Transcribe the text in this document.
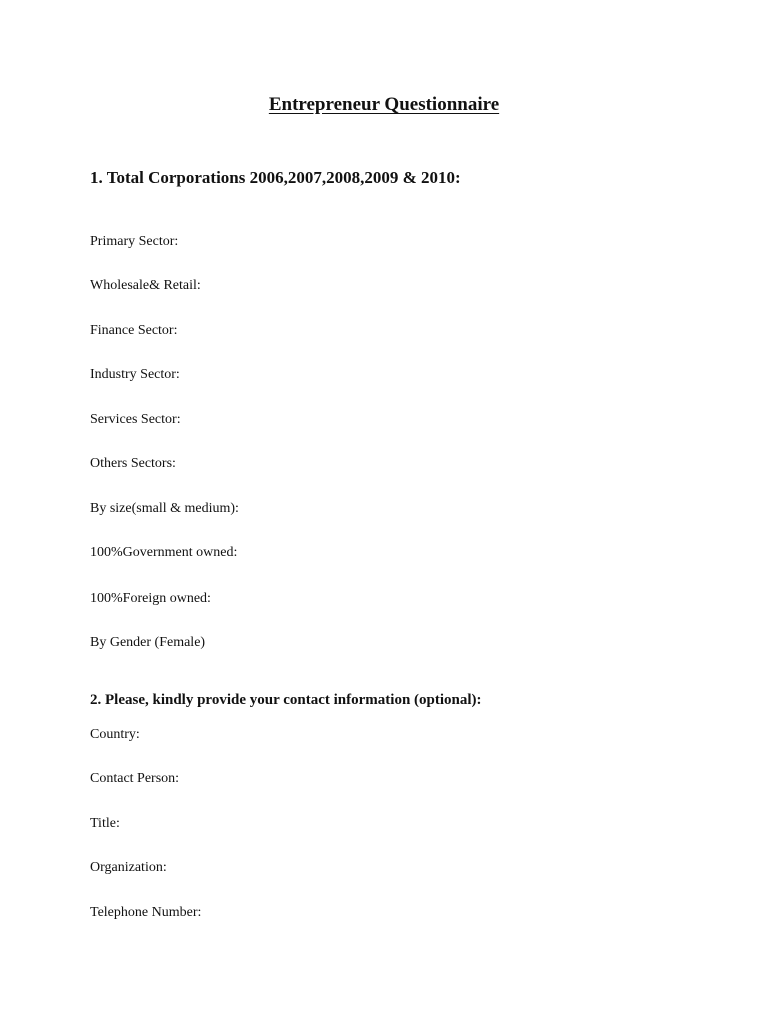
Entrepreneur Questionnaire
1. Total Corporations 2006,2007,2008,2009 & 2010:
Primary Sector:
Wholesale& Retail:
Finance Sector:
Industry Sector:
Services Sector:
Others Sectors:
By size(small & medium):
100%Government owned:
100%Foreign owned:
By Gender (Female)
2. Please, kindly provide your contact information (optional):
Country:
Contact Person:
Title:
Organization:
Telephone Number:
